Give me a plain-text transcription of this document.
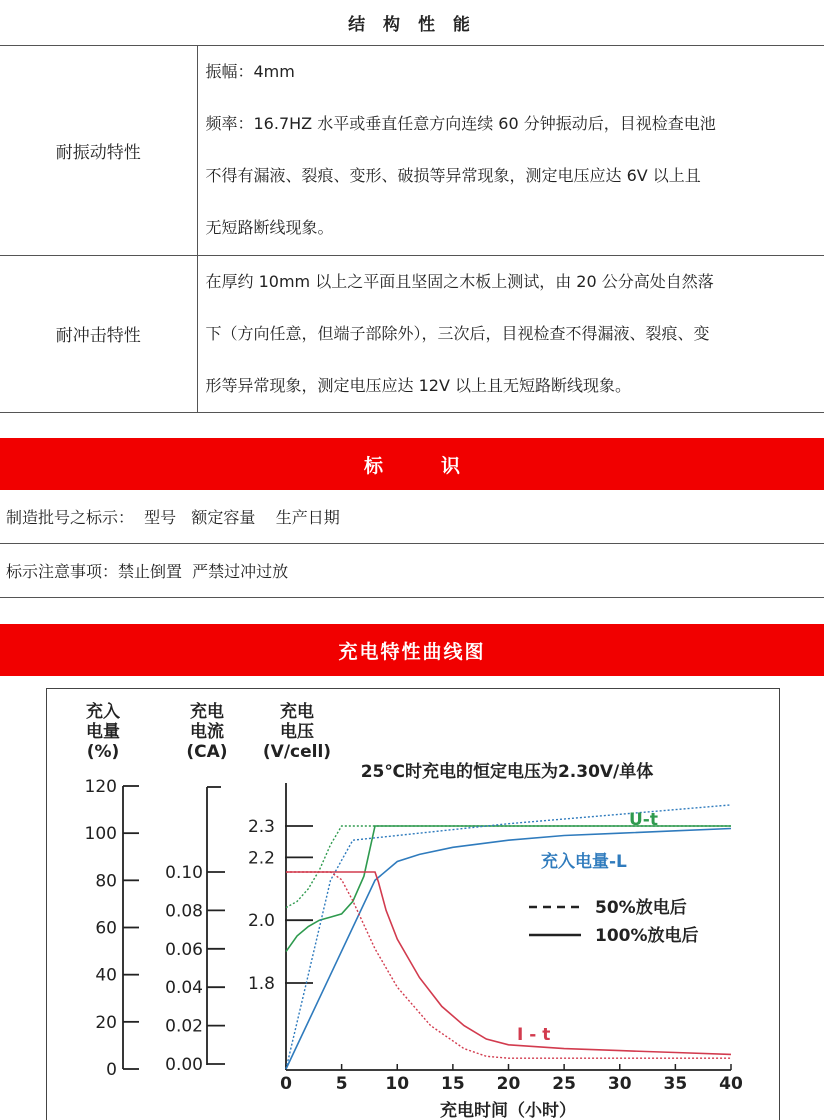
结 构 性 能
耐振动特性	振幅：4mm
频率：16.7HZ 水平或垂直任意方向连续 60 分钟振动后，目视检查电池
不得有漏液、裂痕、变形、破损等异常现象，测定电压应达 6V 以上且
无短路断线现象。

耐冲击特性	在厚约 10mm 以上之平面且坚固之木板上测试，由 20 公分高处自然落
下（方向任意，但端子部除外），三次后，目视检查不得漏液、裂痕、变
形等异常现象，测定电压应达 12V 以上且无短路断线现象。
标识
制造批号之标示：  型号   额定容量    生产日期
标示注意事项：禁止倒置  严禁过冲过放
充电特性曲线图
充入
电量
(%)
充电
电流
(CA)
充电
电压
(V/cell)
0
20
40
60
80
100
120
0.00
0.02
0.04
0.06
0.08
0.10
1.8
2.0
2.2
2.3
25℃时充电的恒定电压为2.30V/单体
0	5 10 15 20 25 30 35 40
充电时间（小时）
U-t
充入电量-L
I - t
50%放电后
100%放电后
